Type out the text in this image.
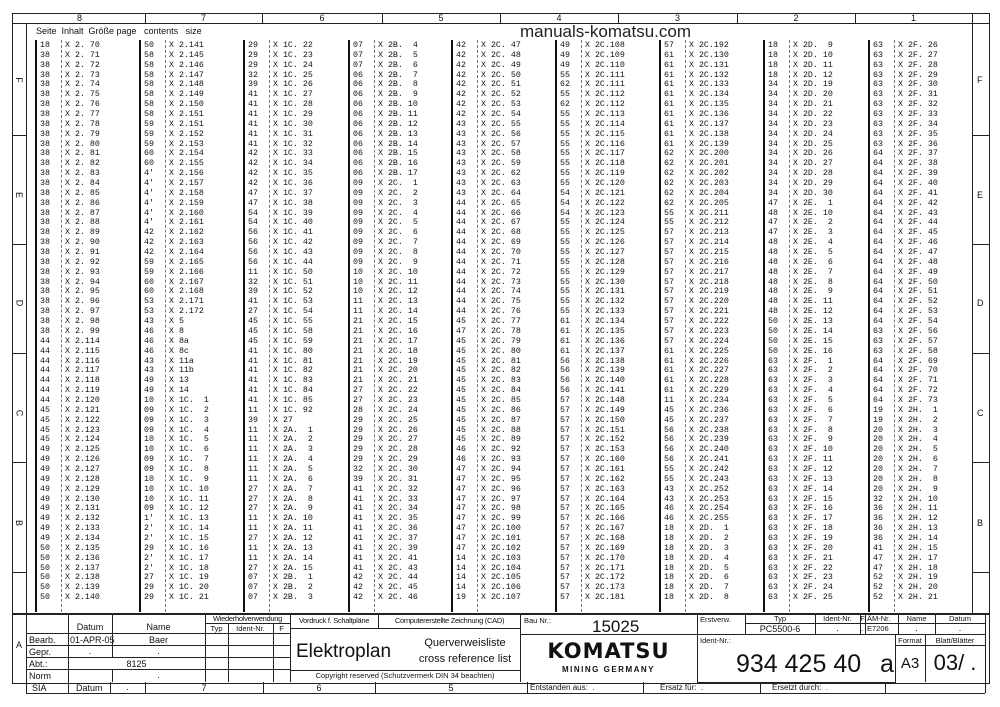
8	7	6	5	4	3	2	1
F	F
E	E
D	D
C	C
B	B
Seite  Inhalt  Größe page   contents   size
18 X 2. 70
38 X 2. 71
38 X 2. 72
38 X 2. 73
38 X 2. 74
38 X 2. 75
38 X 2. 76
38 X 2. 77
38 X 2. 78
38 X 2. 79
38 X 2. 80
38 X 2. 81
38 X 2. 82
38 X 2. 83
38 X 2. 84
38 X 2. 85
38 X 2. 86
38 X 2. 87
38 X 2. 88
38 X 2. 89
38 X 2. 90
38 X 2. 91
38 X 2. 92
38 X 2. 93
38 X 2. 94
38 X 2. 95
38 X 2. 96
38 X 2. 97
38 X 2. 98
38 X 2. 99
44 X 2.114
44 X 2.115
44 X 2.116
44 X 2.117
44 X 2.118
44 X 2.119
44 X 2.120
45 X 2.121
45 X 2.122
45 X 2.123
45 X 2.124
49 X 2.125
49 X 2.126
49 X 2.127
49 X 2.128
49 X 2.129
49 X 2.130
49 X 2.131
49 X 2.132
49 X 2.133
49 X 2.134
50 X 2.135
50 X 2.136
50 X 2.137
50 X 2.138
50 X 2.139
50 X 2.140
50 X 2.141
58 X 2.145
58 X 2.146
58 X 2.147
58 X 2.148
58 X 2.149
58 X 2.150
58 X 2.151
59 X 2.151
59 X 2.152
59 X 2.153
60 X 2.154
60 X 2.155
4' X 2.156
4' X 2.157
4' X 2.158
4' X 2.159
4' X 2.160
4' X 2.161
42 X 2.162
42 X 2.163
42 X 2.164
59 X 2.165
59 X 2.166
60 X 2.167
60 X 2.168
53 X 2.171
53 X 2.172
43 X 5
46 X 8
46 X 8a
46 X 8c
43 X 11a
43 X 11b
49 X 13
49 X 14
10 X 1C.  1
09 X 1C.  2
09 X 1C.  3
09 X 1C.  4
10 X 1C.  5
10 X 1C.  6
09 X 1C.  7
09 X 1C.  8
10 X 1C.  9
10 X 1C. 10
10 X 1C. 11
09 X 1C. 12
1' X 1C. 13
2' X 1C. 14
2' X 1C. 15
29 X 1C. 16
2' X 1C. 17
2' X 1C. 18
27 X 1C. 19
29 X 1C. 20
29 X 1C. 21
29 X 1C. 22
29 X 1C. 23
29 X 1C. 24
32 X 1C. 25
39 X 1C. 26
41 X 1C. 27
41 X 1C. 28
41 X 1C. 29
41 X 1C. 30
41 X 1C. 31
41 X 1C. 32
42 X 1C. 33
42 X 1C. 34
42 X 1C. 35
42 X 1C. 36
47 X 1C. 37
47 X 1C. 38
54 X 1C. 39
54 X 1C. 40
56 X 1C. 41
56 X 1C. 42
56 X 1C. 43
56 X 1C. 44
11 X 1C. 50
32 X 1C. 51
39 X 1C. 52
41 X 1C. 53
27 X 1C. 54
45 X 1C. 55
45 X 1C. 58
45 X 1C. 59
41 X 1C. 80
41 X 1C. 81
41 X 1C. 82
41 X 1C. 83
41 X 1C. 84
41 X 1C. 85
11 X 1C. 92
39 X 27
11 X 2A.  1
11 X 2A.  2
11 X 2A.  3
11 X 2A.  4
11 X 2A.  5
11 X 2A.  6
27 X 2A.  7
27 X 2A.  8
27 X 2A.  9
11 X 2A. 10
11 X 2A. 11
27 X 2A. 12
11 X 2A. 13
11 X 2A. 14
27 X 2A. 15
07 X 2B.  1
07 X 2B.  2
07 X 2B.  3
07 X 2B.  4
07 X 2B.  5
07 X 2B.  6
06 X 2B.  7
06 X 2B.  8
06 X 2B.  9
06 X 2B. 10
06 X 2B. 11
06 X 2B. 12
06 X 2B. 13
06 X 2B. 14
06 X 2B. 15
06 X 2B. 16
06 X 2B. 17
09 X 2C.  1
09 X 2C.  2
09 X 2C.  3
09 X 2C.  4
09 X 2C.  5
09 X 2C.  6
09 X 2C.  7
09 X 2C.  8
09 X 2C.  9
10 X 2C. 10
10 X 2C. 11
10 X 2C. 12
11 X 2C. 13
11 X 2C. 14
21 X 2C. 15
21 X 2C. 16
21 X 2C. 17
21 X 2C. 18
21 X 2C. 19
21 X 2C. 20
21 X 2C. 21
27 X 2C. 22
27 X 2C. 23
28 X 2C. 24
29 X 2C. 25
29 X 2C. 26
29 X 2C. 27
29 X 2C. 28
29 X 2C. 29
32 X 2C. 30
39 X 2C. 31
41 X 2C. 32
41 X 2C. 33
41 X 2C. 34
41 X 2C. 35
41 X 2C. 36
41 X 2C. 37
41 X 2C. 39
41 X 2C. 41
41 X 2C. 43
42 X 2C. 44
42 X 2C. 45
42 X 2C. 46
42 X 2C. 47
42 X 2C. 48
42 X 2C. 49
42 X 2C. 50
42 X 2C. 51
42 X 2C. 52
42 X 2C. 53
42 X 2C. 54
43 X 2C. 55
43 X 2C. 56
43 X 2C. 57
43 X 2C. 58
43 X 2C. 59
43 X 2C. 62
43 X 2C. 63
43 X 2C. 64
44 X 2C. 65
44 X 2C. 66
44 X 2C. 67
44 X 2C. 68
44 X 2C. 69
44 X 2C. 70
44 X 2C. 71
44 X 2C. 72
44 X 2C. 73
44 X 2C. 74
44 X 2C. 75
44 X 2C. 76
45 X 2C. 77
47 X 2C. 78
45 X 2C. 79
45 X 2C. 80
45 X 2C. 81
45 X 2C. 82
45 X 2C. 83
45 X 2C. 84
45 X 2C. 85
45 X 2C. 86
45 X 2C. 87
45 X 2C. 88
45 X 2C. 89
46 X 2C. 92
46 X 2C. 93
47 X 2C. 94
47 X 2C. 95
47 X 2C. 96
47 X 2C. 97
47 X 2C. 98
47 X 2C. 99
47 X 2C.100
47 X 2C.101
47 X 2C.102
14 X 2C.103
14 X 2C.104
14 X 2C.105
14 X 2C.106
19 X 2C.107
49 X 2C.108
49 X 2C.109
49 X 2C.110
55 X 2C.111
62 X 2C.111
55 X 2C.112
62 X 2C.112
55 X 2C.113
55 X 2C.114
55 X 2C.115
55 X 2C.116
55 X 2C.117
55 X 2C.118
55 X 2C.119
55 X 2C.120
54 X 2C.121
54 X 2C.122
54 X 2C.123
55 X 2C.124
55 X 2C.125
55 X 2C.126
55 X 2C.127
55 X 2C.128
55 X 2C.129
55 X 2C.130
55 X 2C.131
55 X 2C.132
55 X 2C.133
61 X 2C.134
61 X 2C.135
61 X 2C.136
61 X 2C.137
56 X 2C.138
56 X 2C.139
56 X 2C.140
56 X 2C.141
57 X 2C.148
57 X 2C.149
57 X 2C.150
57 X 2C.151
57 X 2C.152
57 X 2C.153
57 X 2C.160
57 X 2C.161
57 X 2C.162
57 X 2C.163
57 X 2C.164
57 X 2C.165
57 X 2C.166
57 X 2C.167
57 X 2C.168
57 X 2C.169
57 X 2C.170
57 X 2C.171
57 X 2C.172
57 X 2C.173
57 X 2C.181
57 X 2C.192
61 X 2C.130
61 X 2C.131
61 X 2C.132
61 X 2C.133
61 X 2C.134
61 X 2C.135
61 X 2C.136
61 X 2C.137
61 X 2C.138
61 X 2C.139
62 X 2C.200
62 X 2C.201
62 X 2C.202
62 X 2C.203
62 X 2C.204
62 X 2C.205
55 X 2C.211
55 X 2C.212
57 X 2C.213
57 X 2C.214
57 X 2C.215
57 X 2C.216
57 X 2C.217
57 X 2C.218
57 X 2C.219
57 X 2C.220
57 X 2C.221
57 X 2C.222
57 X 2C.223
57 X 2C.224
61 X 2C.225
61 X 2C.226
61 X 2C.227
61 X 2C.228
61 X 2C.229
11 X 2C.234
45 X 2C.236
45 X 2C.237
56 X 2C.238
56 X 2C.239
56 X 2C.240
56 X 2C.241
55 X 2C.242
55 X 2C.243
43 X 2C.252
43 X 2C.253
46 X 2C.254
46 X 2C.255
18 X 2D.  1
18 X 2D.  2
18 X 2D.  3
18 X 2D.  4
18 X 2D.  5
18 X 2D.  6
18 X 2D.  7
18 X 2D.  8
18 X 2D.  9
18 X 2D. 10
18 X 2D. 11
18 X 2D. 12
34 X 2D. 19
34 X 2D. 20
34 X 2D. 21
34 X 2D. 22
34 X 2D. 23
34 X 2D. 24
34 X 2D. 25
34 X 2D. 26
34 X 2D. 27
34 X 2D. 28
34 X 2D. 29
34 X 2D. 30
47 X 2E.  1
48 X 2E. 10
47 X 2E.  2
47 X 2E.  3
48 X 2E.  4
48 X 2E.  5
48 X 2E.  6
48 X 2E.  7
48 X 2E.  8
48 X 2E.  9
48 X 2E. 11
48 X 2E. 12
50 X 2E. 13
50 X 2E. 14
50 X 2E. 15
50 X 2E. 16
63 X 2F.  1
63 X 2F.  2
63 X 2F.  3
63 X 2F.  4
63 X 2F.  5
63 X 2F.  6
63 X 2F.  7
63 X 2F.  8
63 X 2F.  9
63 X 2F. 10
63 X 2F. 11
63 X 2F. 12
63 X 2F. 13
63 X 2F. 14
63 X 2F. 15
63 X 2F. 16
63 X 2F. 17
63 X 2F. 18
63 X 2F. 19
63 X 2F. 20
63 X 2F. 21
63 X 2F. 22
63 X 2F. 23
63 X 2F. 24
63 X 2F. 25
63 X 2F. 26
63 X 2F. 27
63 X 2F. 28
63 X 2F. 29
63 X 2F. 30
63 X 2F. 31
63 X 2F. 32
63 X 2F. 33
63 X 2F. 34
63 X 2F. 35
63 X 2F. 36
64 X 2F. 37
64 X 2F. 38
64 X 2F. 39
64 X 2F. 40
64 X 2F. 41
64 X 2F. 42
64 X 2F. 43
64 X 2F. 44
64 X 2F. 45
64 X 2F. 46
64 X 2F. 47
64 X 2F. 48
64 X 2F. 49
64 X 2F. 50
64 X 2F. 51
64 X 2F. 52
64 X 2F. 53
64 X 2F. 54
63 X 2F. 56
63 X 2F. 57
63 X 2F. 58
64 X 2F. 69
64 X 2F. 70
64 X 2F. 71
64 X 2F. 72
64 X 2F. 73
19 X 2H.  1
19 X 2H.  2
20 X 2H.  3
20 X 2H.  4
20 X 2H.  5
20 X 2H.  6
20 X 2H.  7
20 X 2H.  8
20 X 2H.  9
32 X 2H. 10
36 X 2H. 11
36 X 2H. 12
36 X 2H. 13
36 X 2H. 14
41 X 2H. 15
47 X 2H. 17
47 X 2H. 18
52 X 2H. 19
52 X 2H. 20
52 X 2H. 21
manuals-komatsu.com
Datum	Name
Wiederholverwendung
Typ	Ident-Nr.	F
Bearb. 01-APR-05	Baer
Gepr.	.	.
Abt.:	8125
Norm	.
A
Vordruck f. Schaltpläne	Computererstellte Zeichnung (CAD)
Elektroplan	Querverweisliste
cross reference list
Copyright reserved (Schutzvermerk DIN 34 beachten)
Bau Nr.: 15025
KOMATSU
MINING GERMANY
Erstverw.	Typ
PC5500-6
Ident-Nr.
.
F
.
ÄM-Nr.
E7206
Name
.
Datum
.
Ident-Nr.:
934 425 40 a
Format
A3
Blatt/Blätter
03/ .
SIA	Datum	.	7	6	5	Entstanden aus:  .	Ersatz für:  .	Ersetzt durch:  .
